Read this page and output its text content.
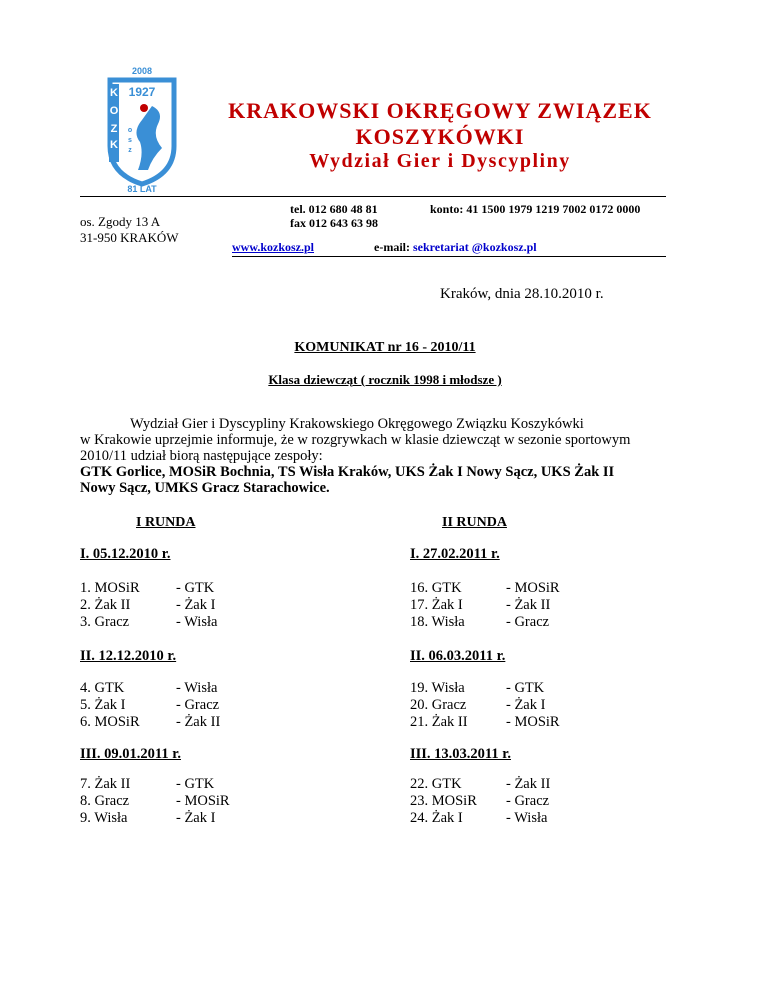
2008
K
O
Z
K
1927
o
s
z
81 LAT
KRAKOWSKI OKRĘGOWY ZWIĄZEK
KOSZYKÓWKI
Wydział Gier i Dyscypliny
os. Zgody 13 A
31-950 KRAKÓW
tel. 012 680 48 81
fax 012 643 63 98
konto: 41 1500 1979 1219 7002 0172 0000
www.kozkosz.pl	e-mail: sekretariat @kozkosz.pl
Kraków, dnia 28.10.2010 r.
KOMUNIKAT nr 16 - 2010/11
Klasa dziewcząt ( rocznik 1998 i młodsze )
Wydział Gier i Dyscypliny Krakowskiego Okręgowego Związku Koszykówki
w Krakowie uprzejmie informuje, że w rozgrywkach w klasie dziewcząt w sezonie sportowym
2010/11 udział biorą następujące zespoły:
GTK Gorlice, MOSiR Bochnia, TS Wisła Kraków, UKS Żak I Nowy Sącz, UKS Żak II
Nowy Sącz, UMKS Gracz Starachowice.
I RUNDA	II RUNDA
I. 05.12.2010 r.
1. MOSiR	- GTK
2. Żak II	- Żak I
3. Gracz	- Wisła
II. 12.12.2010 r.
4. GTK	- Wisła
5. Żak I	- Gracz
6. MOSiR	- Żak II
III. 09.01.2011 r.
7. Żak II	- GTK
8. Gracz	- MOSiR
9. Wisła	- Żak I
I. 27.02.2011 r.
16. GTK	- MOSiR
17. Żak I	- Żak II
18. Wisła	- Gracz
II. 06.03.2011 r.
19. Wisła	- GTK
20. Gracz	- Żak I
21. Żak II	- MOSiR
III. 13.03.2011 r.
22. GTK	- Żak II
23. MOSiR - Gracz
24. Żak I	- Wisła
